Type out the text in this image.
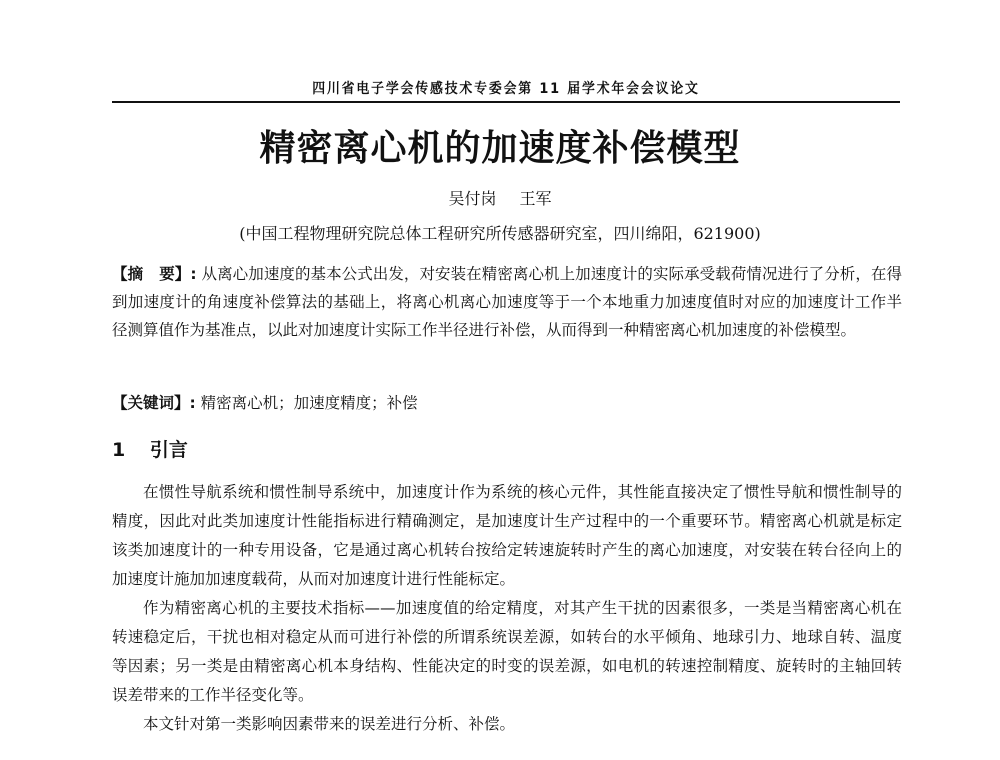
四川省电子学会传感技术专委会第 11 届学术年会会议论文
精密离心机的加速度补偿模型
吴付岗 王军
(中国工程物理研究院总体工程研究所传感器研究室，四川绵阳，621900)
【摘 要】: 从离心加速度的基本公式出发，对安装在精密离心机上加速度计的实际承受载荷情况进行了分析，在得到加速度计的角速度补偿算法的基础上，将离心机离心加速度等于一个本地重力加速度值时对应的加速度计工作半径测算值作为基准点，以此对加速度计实际工作半径进行补偿，从而得到一种精密离心机加速度的补偿模型。
【关键词】: 精密离心机；加速度精度；补偿
1 引言

在惯性导航系统和惯性制导系统中，加速度计作为系统的核心元件，其性能直接决定了惯性导航和惯性制导的精度，因此对此类加速度计性能指标进行精确测定，是加速度计生产过程中的一个重要环节。精密离心机就是标定该类加速度计的一种专用设备，它是通过离心机转台按给定转速旋转时产生的离心加速度，对安装在转台径向上的加速度计施加加速度载荷，从而对加速度计进行性能标定。

作为精密离心机的主要技术指标——加速度值的给定精度，对其产生干扰的因素很多，一类是当精密离心机在转速稳定后，干扰也相对稳定从而可进行补偿的所谓系统误差源，如转台的水平倾角、地球引力、地球自转、温度等因素；另一类是由精密离心机本身结构、性能决定的时变的误差源，如电机的转速控制精度、旋转时的主轴回转误差带来的工作半径变化等。

本文针对第一类影响因素带来的误差进行分析、补偿。
